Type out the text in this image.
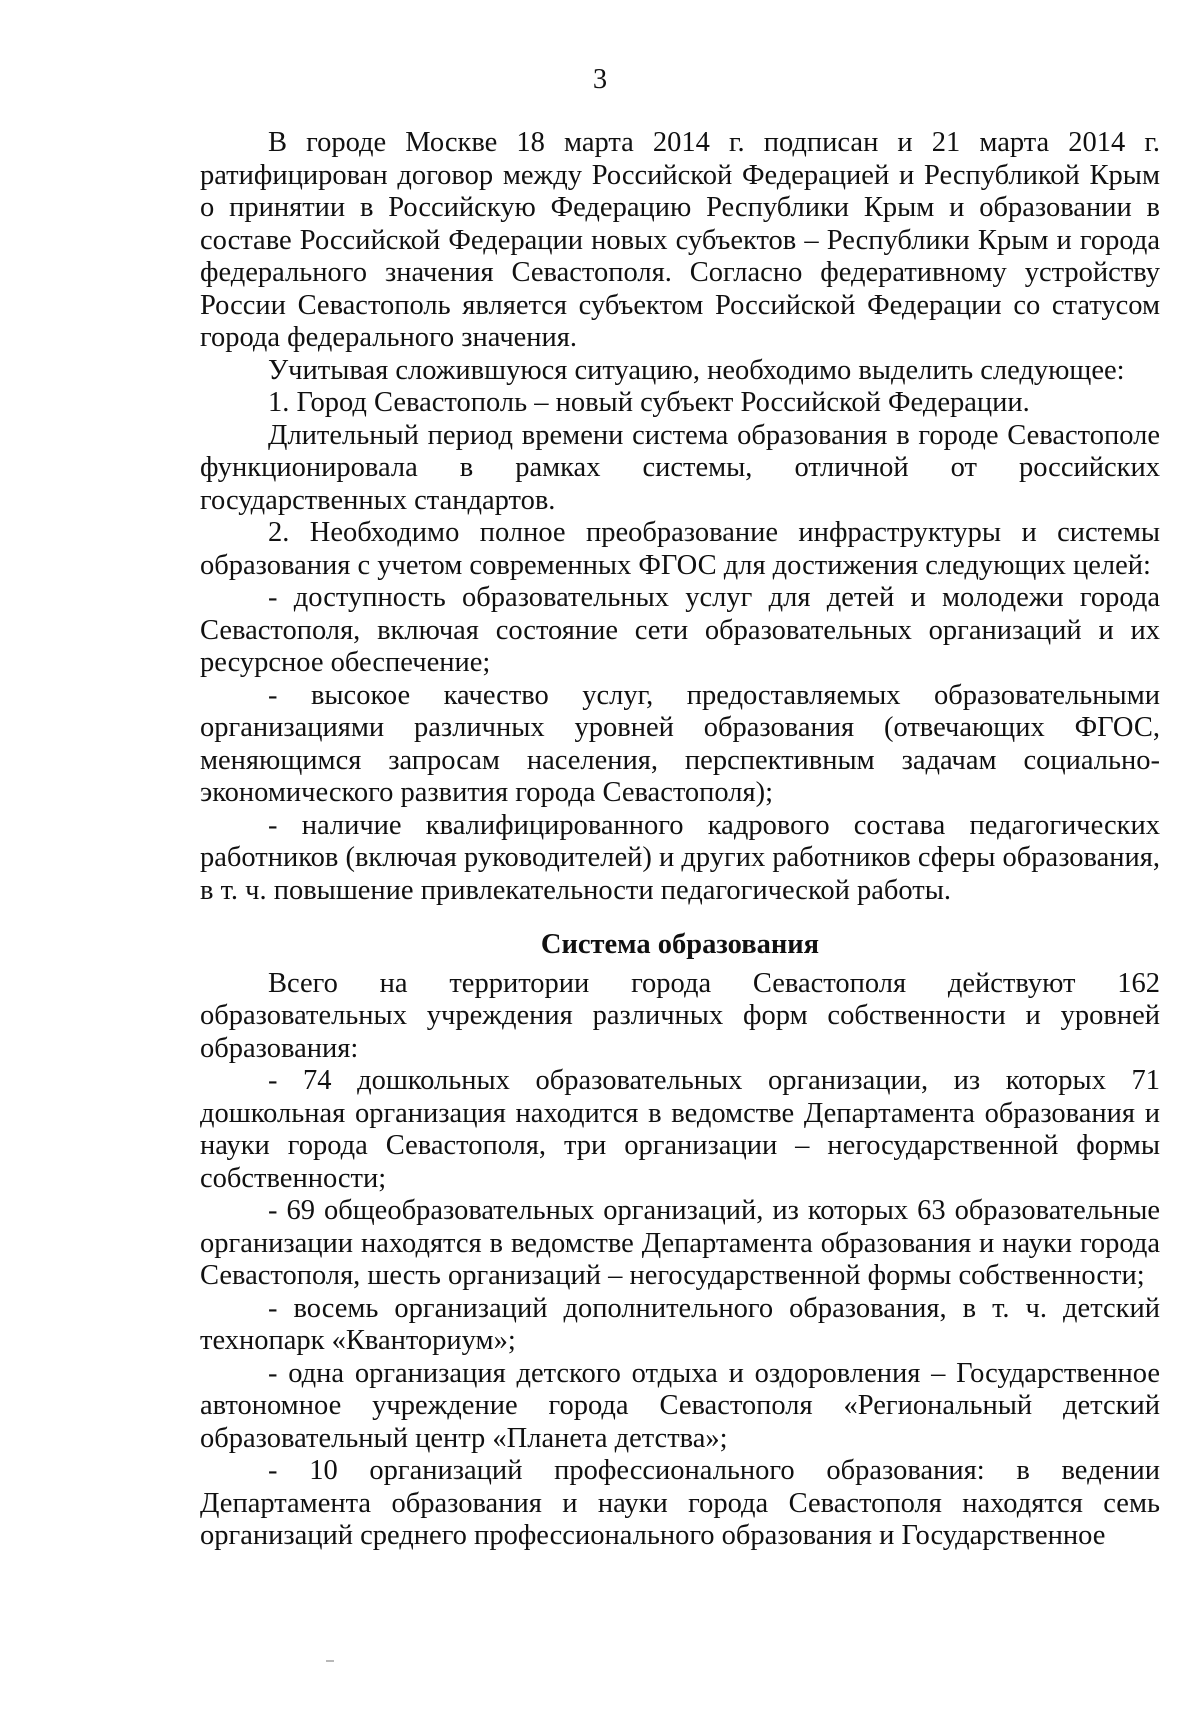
3

В городе Москве 18 марта 2014 г. подписан и 21 марта 2014 г. ратифицирован договор между Российской Федерацией и Республикой Крым о принятии в Российскую Федерацию Республики Крым и образовании в составе Российской Федерации новых субъектов – Республики Крым и города федерального значения Севастополя. Согласно федеративному устройству России Севастополь является субъектом Российской Федерации со статусом города федерального значения.

Учитывая сложившуюся ситуацию, необходимо выделить следующее:

1. Город Севастополь – новый субъект Российской Федерации.

Длительный период времени система образования в городе Севастополе функционировала в рамках системы, отличной от российских государственных стандартов.

2. Необходимо полное преобразование инфраструктуры и системы образования с учетом современных ФГОС для достижения следующих целей:

- доступность образовательных услуг для детей и молодежи города Севастополя, включая состояние сети образовательных организаций и их ресурсное обеспечение;

- высокое качество услуг, предоставляемых образовательными организациями различных уровней образования (отвечающих ФГОС, меняющимся запросам населения, перспективным задачам социально-экономического развития города Севастополя);

- наличие квалифицированного кадрового состава педагогических работников (включая руководителей) и других работников сферы образования, в т. ч. повышение привлекательности педагогической работы.

Система образования

Всего на территории города Севастополя действуют 162 образовательных учреждения различных форм собственности и уровней образования:

- 74 дошкольных образовательных организации, из которых 71 дошкольная организация находится в ведомстве Департамента образования и науки города Севастополя, три организации – негосударственной формы собственности;

- 69 общеобразовательных организаций, из которых 63 образовательные организации находятся в ведомстве Департамента образования и науки города Севастополя, шесть организаций – негосударственной формы собственности;

- восемь организаций дополнительного образования, в т. ч. детский технопарк «Кванториум»;

- одна организация детского отдыха и оздоровления – Государственное автономное учреждение города Севастополя «Региональный детский образовательный центр «Планета детства»;

- 10 организаций профессионального образования: в ведении Департамента образования и науки города Севастополя находятся семь организаций среднего профессионального образования и Государственное
